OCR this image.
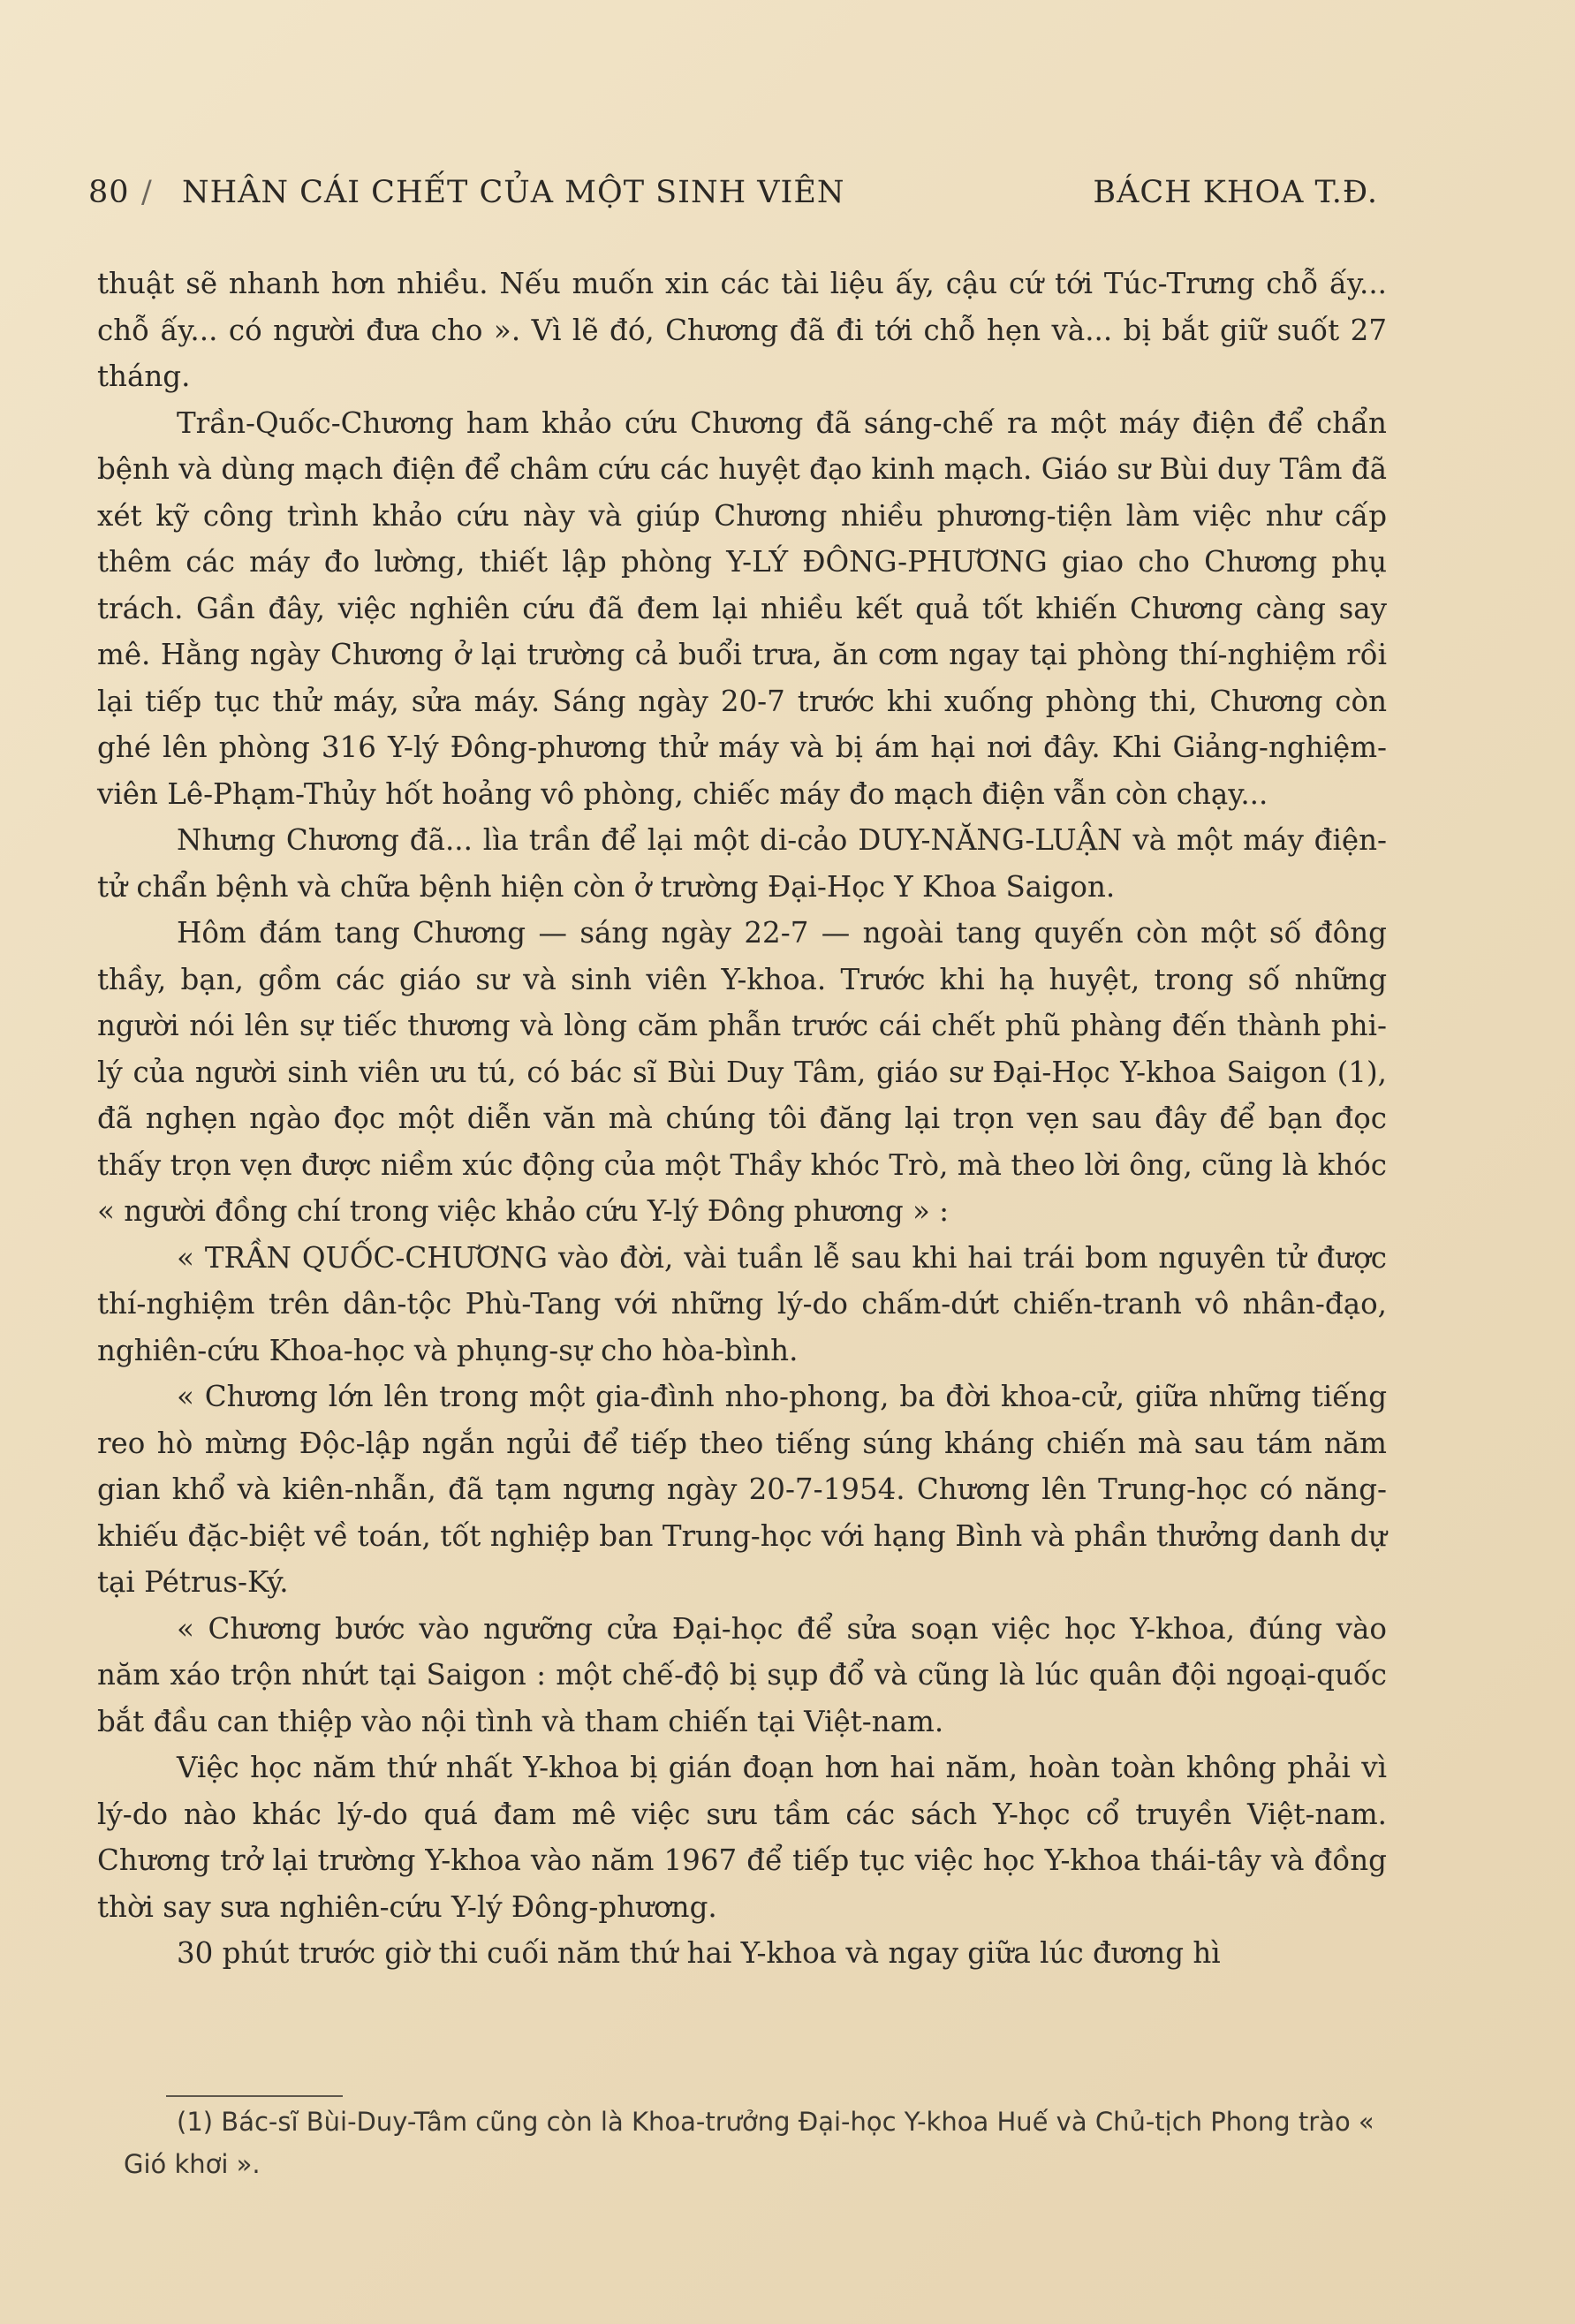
80 / NHÂN CÁI CHẾT CỦA MỘT SINH VIÊN	BÁCH KHOA T.Đ.

thuật sẽ nhanh hơn nhiều. Nếu muốn xin các tài liệu ấy, cậu cứ tới Túc-Trưng chỗ ấy... chỗ ấy... có người đưa cho ». Vì lẽ đó, Chương đã đi tới chỗ hẹn và... bị bắt giữ suốt 27 tháng.

Trần-Quốc-Chương ham khảo cứu Chương đã sáng-chế ra một máy điện để chẩn bệnh và dùng mạch điện để châm cứu các huyệt đạo kinh mạch. Giáo sư Bùi duy Tâm đã xét kỹ công trình khảo cứu này và giúp Chương nhiều phương-tiện làm việc như cấp thêm các máy đo lường, thiết lập phòng Y-LÝ ĐÔNG-PHƯƠNG giao cho Chương phụ trách. Gần đây, việc nghiên cứu đã đem lại nhiều kết quả tốt khiến Chương càng say mê. Hằng ngày Chương ở lại trường cả buổi trưa, ăn cơm ngay tại phòng thí-nghiệm rồi lại tiếp tục thử máy, sửa máy. Sáng ngày 20-7 trước khi xuống phòng thi, Chương còn ghé lên phòng 316 Y-lý Đông-phương thử máy và bị ám hại nơi đây. Khi Giảng-nghiệm-viên Lê-Phạm-Thủy hốt hoảng vô phòng, chiếc máy đo mạch điện vẫn còn chạy...

Nhưng Chương đã... lìa trần để lại một di-cảo DUY-NĂNG-LUẬN và một máy điện-tử chẩn bệnh và chữa bệnh hiện còn ở trường Đại-Học Y Khoa Saigon.

Hôm đám tang Chương — sáng ngày 22-7 — ngoài tang quyến còn một số đông thầy, bạn, gồm các giáo sư và sinh viên Y-khoa. Trước khi hạ huyệt, trong số những người nói lên sự tiếc thương và lòng căm phẫn trước cái chết phũ phàng đến thành phi-lý của người sinh viên ưu tú, có bác sĩ Bùi Duy Tâm, giáo sư Đại-Học Y-khoa Saigon (1), đã nghẹn ngào đọc một diễn văn mà chúng tôi đăng lại trọn vẹn sau đây để bạn đọc thấy trọn vẹn được niềm xúc động của một Thầy khóc Trò, mà theo lời ông, cũng là khóc « người đồng chí trong việc khảo cứu Y-lý Đông phương » :

« TRẦN QUỐC-CHƯƠNG vào đời, vài tuần lễ sau khi hai trái bom nguyên tử được thí-nghiệm trên dân-tộc Phù-Tang với những lý-do chấm-dứt chiến-tranh vô nhân-đạo, nghiên-cứu Khoa-học và phụng-sự cho hòa-bình.

« Chương lớn lên trong một gia-đình nho-phong, ba đời khoa-cử, giữa những tiếng reo hò mừng Độc-lập ngắn ngủi để tiếp theo tiếng súng kháng chiến mà sau tám năm gian khổ và kiên-nhẫn, đã tạm ngưng ngày 20-7-1954. Chương lên Trung-học có năng-khiếu đặc-biệt về toán, tốt nghiệp ban Trung-học với hạng Bình và phần thưởng danh dự tại Pétrus-Ký.

« Chương bước vào ngưỡng cửa Đại-học để sửa soạn việc học Y-khoa, đúng vào năm xáo trộn nhứt tại Saigon : một chế-độ bị sụp đổ và cũng là lúc quân đội ngoại-quốc bắt đầu can thiệp vào nội tình và tham chiến tại Việt-nam.

Việc học năm thứ nhất Y-khoa bị gián đoạn hơn hai năm, hoàn toàn không phải vì lý-do nào khác lý-do quá đam mê việc sưu tầm các sách Y-học cổ truyền Việt-nam. Chương trở lại trường Y-khoa vào năm 1967 để tiếp tục việc học Y-khoa thái-tây và đồng thời say sưa nghiên-cứu Y-lý Đông-phương.

30 phút trước giờ thi cuối năm thứ hai Y-khoa và ngay giữa lúc đương hì

(1) Bác-sĩ Bùi-Duy-Tâm cũng còn là Khoa-trưởng Đại-học Y-khoa Huế và Chủ-tịch Phong trào « Gió khơi ».
